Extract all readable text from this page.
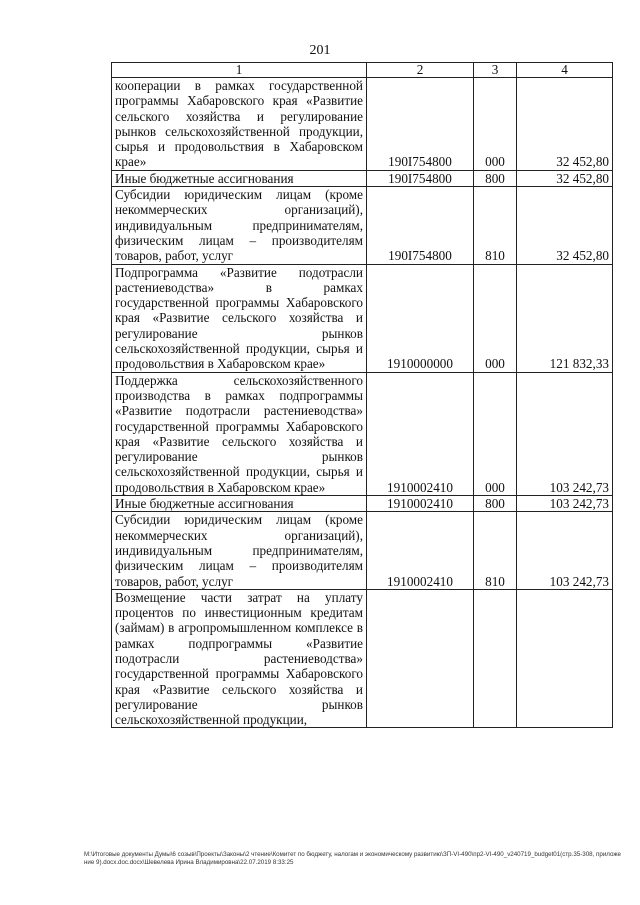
201
1	2	3	4
кооперации в рамках государственной программы Хабаровского края «Развитие сельского хозяйства и регулирование рынков сельскохозяйственной продукции, сырья и продовольствия в Хабаровском крае»	190I754800	000	32 452,80
Иные бюджетные ассигнования	190I754800	800	32 452,80
Субсидии юридическим лицам (кроме некоммерческих организаций), индивидуальным предпринимателям, физическим лицам – производителям товаров, работ, услуг	190I754800	810	32 452,80
Подпрограмма «Развитие подотрасли растениеводства» в рамках государственной программы Хабаровского края «Развитие сельского хозяйства и регулирование рынков сельскохозяйственной продукции, сырья и продовольствия в Хабаровском крае»	1910000000	000	121 832,33
Поддержка сельскохозяйственного производства в рамках подпрограммы «Развитие подотрасли растениеводства» государственной программы Хабаровского края «Развитие сельского хозяйства и регулирование рынков сельскохозяйственной продукции, сырья и продовольствия в Хабаровском крае»	1910002410	000	103 242,73
Иные бюджетные ассигнования	1910002410	800	103 242,73
Субсидии юридическим лицам (кроме некоммерческих организаций), индивидуальным предпринимателям, физическим лицам – производителям товаров, работ, услуг	1910002410	810	103 242,73
Возмещение части затрат на уплату процентов по инвестиционным кредитам (займам) в агропромышленном комплексе в рамках подпрограммы «Развитие подотрасли растениеводства» государственной программы Хабаровского края «Развитие сельского хозяйства и регулирование рынков сельскохозяйственной продукции,			
М:\Итоговые документы Думы\6 созыв\Проекты\Законы\2 чтение\Комитет по бюджету, налогам и экономическому развитию\ЗП-VI-490\пр2-VI-490_v240719_budget01(стр.35-308, приложение 9).docx.doc.docx\Шевелева Ирина Владимировна\22.07.2019 8:33:25
